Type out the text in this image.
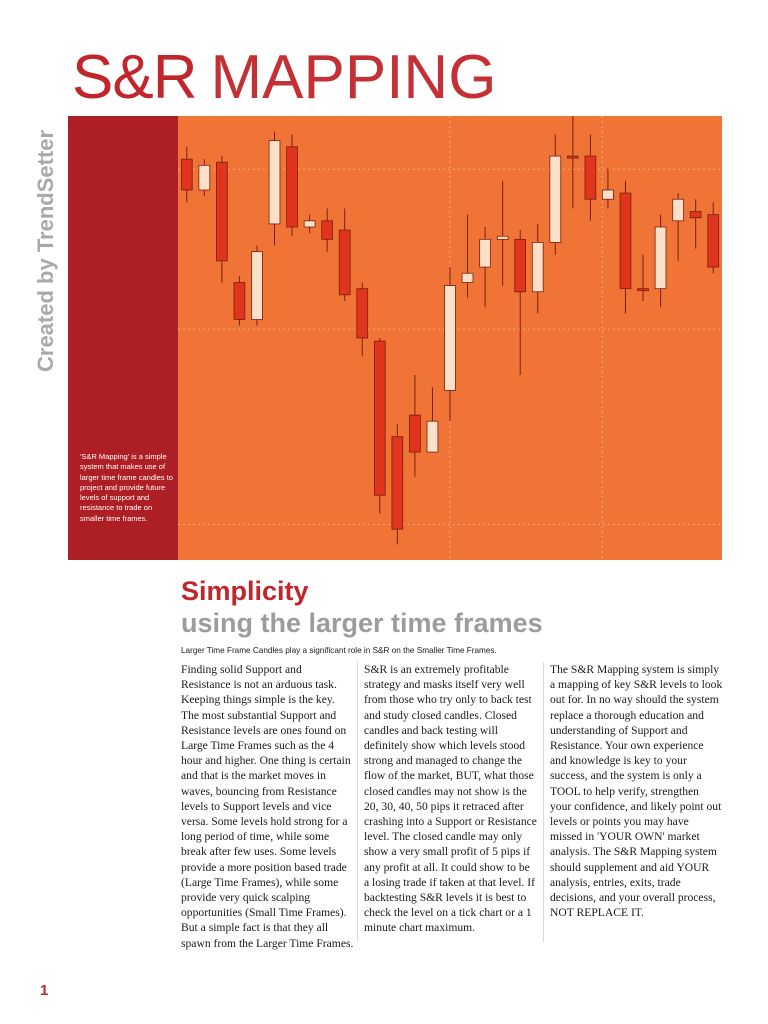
S&R MAPPING
Created by TrendSetter
'S&R Mapping' is a simple system that makes use of larger time frame candles to project and provide future levels of support and resistance to trade on smaller time frames.
Simplicity
using the larger time frames
Larger Time Frame Candles play a significant role in S&R on the Smaller Time Frames.
Finding solid Support and Resistance is not an arduous task. Keeping things simple is the key. The most substantial Support and Resistance levels are ones found on Large Time Frames such as the 4 hour and higher. One thing is certain and that is the market moves in waves, bouncing from Resistance levels to Support levels and vice versa. Some levels hold strong for a long period of time, while some break after few uses. Some levels provide a more position based trade (Large Time Frames), while some provide very quick scalping opportunities (Small Time Frames). But a simple fact is that they all spawn from the Larger Time Frames.
S&R is an extremely profitable strategy and masks itself very well from those who try only to back test and study closed candles. Closed candles and back testing will definitely show which levels stood strong and managed to change the flow of the market, BUT, what those closed candles may not show is the 20, 30, 40, 50 pips it retraced after crashing into a Support or Resistance level. The closed candle may only show a very small profit of 5 pips if any profit at all. It could show to be a losing trade if taken at that level. If backtesting S&R levels it is best to check the level on a tick chart or a 1 minute chart maximum.
The S&R Mapping system is simply a mapping of key S&R levels to look out for. In no way should the system replace a thorough education and understanding of Support and Resistance. Your own experience and knowledge is key to your success, and the system is only a TOOL to help verify, strengthen your confidence, and likely point out levels or points you may have missed in 'YOUR OWN' market analysis. The S&R Mapping system should supplement and aid YOUR analysis, entries, exits, trade decisions, and your overall process, NOT REPLACE IT.
1
